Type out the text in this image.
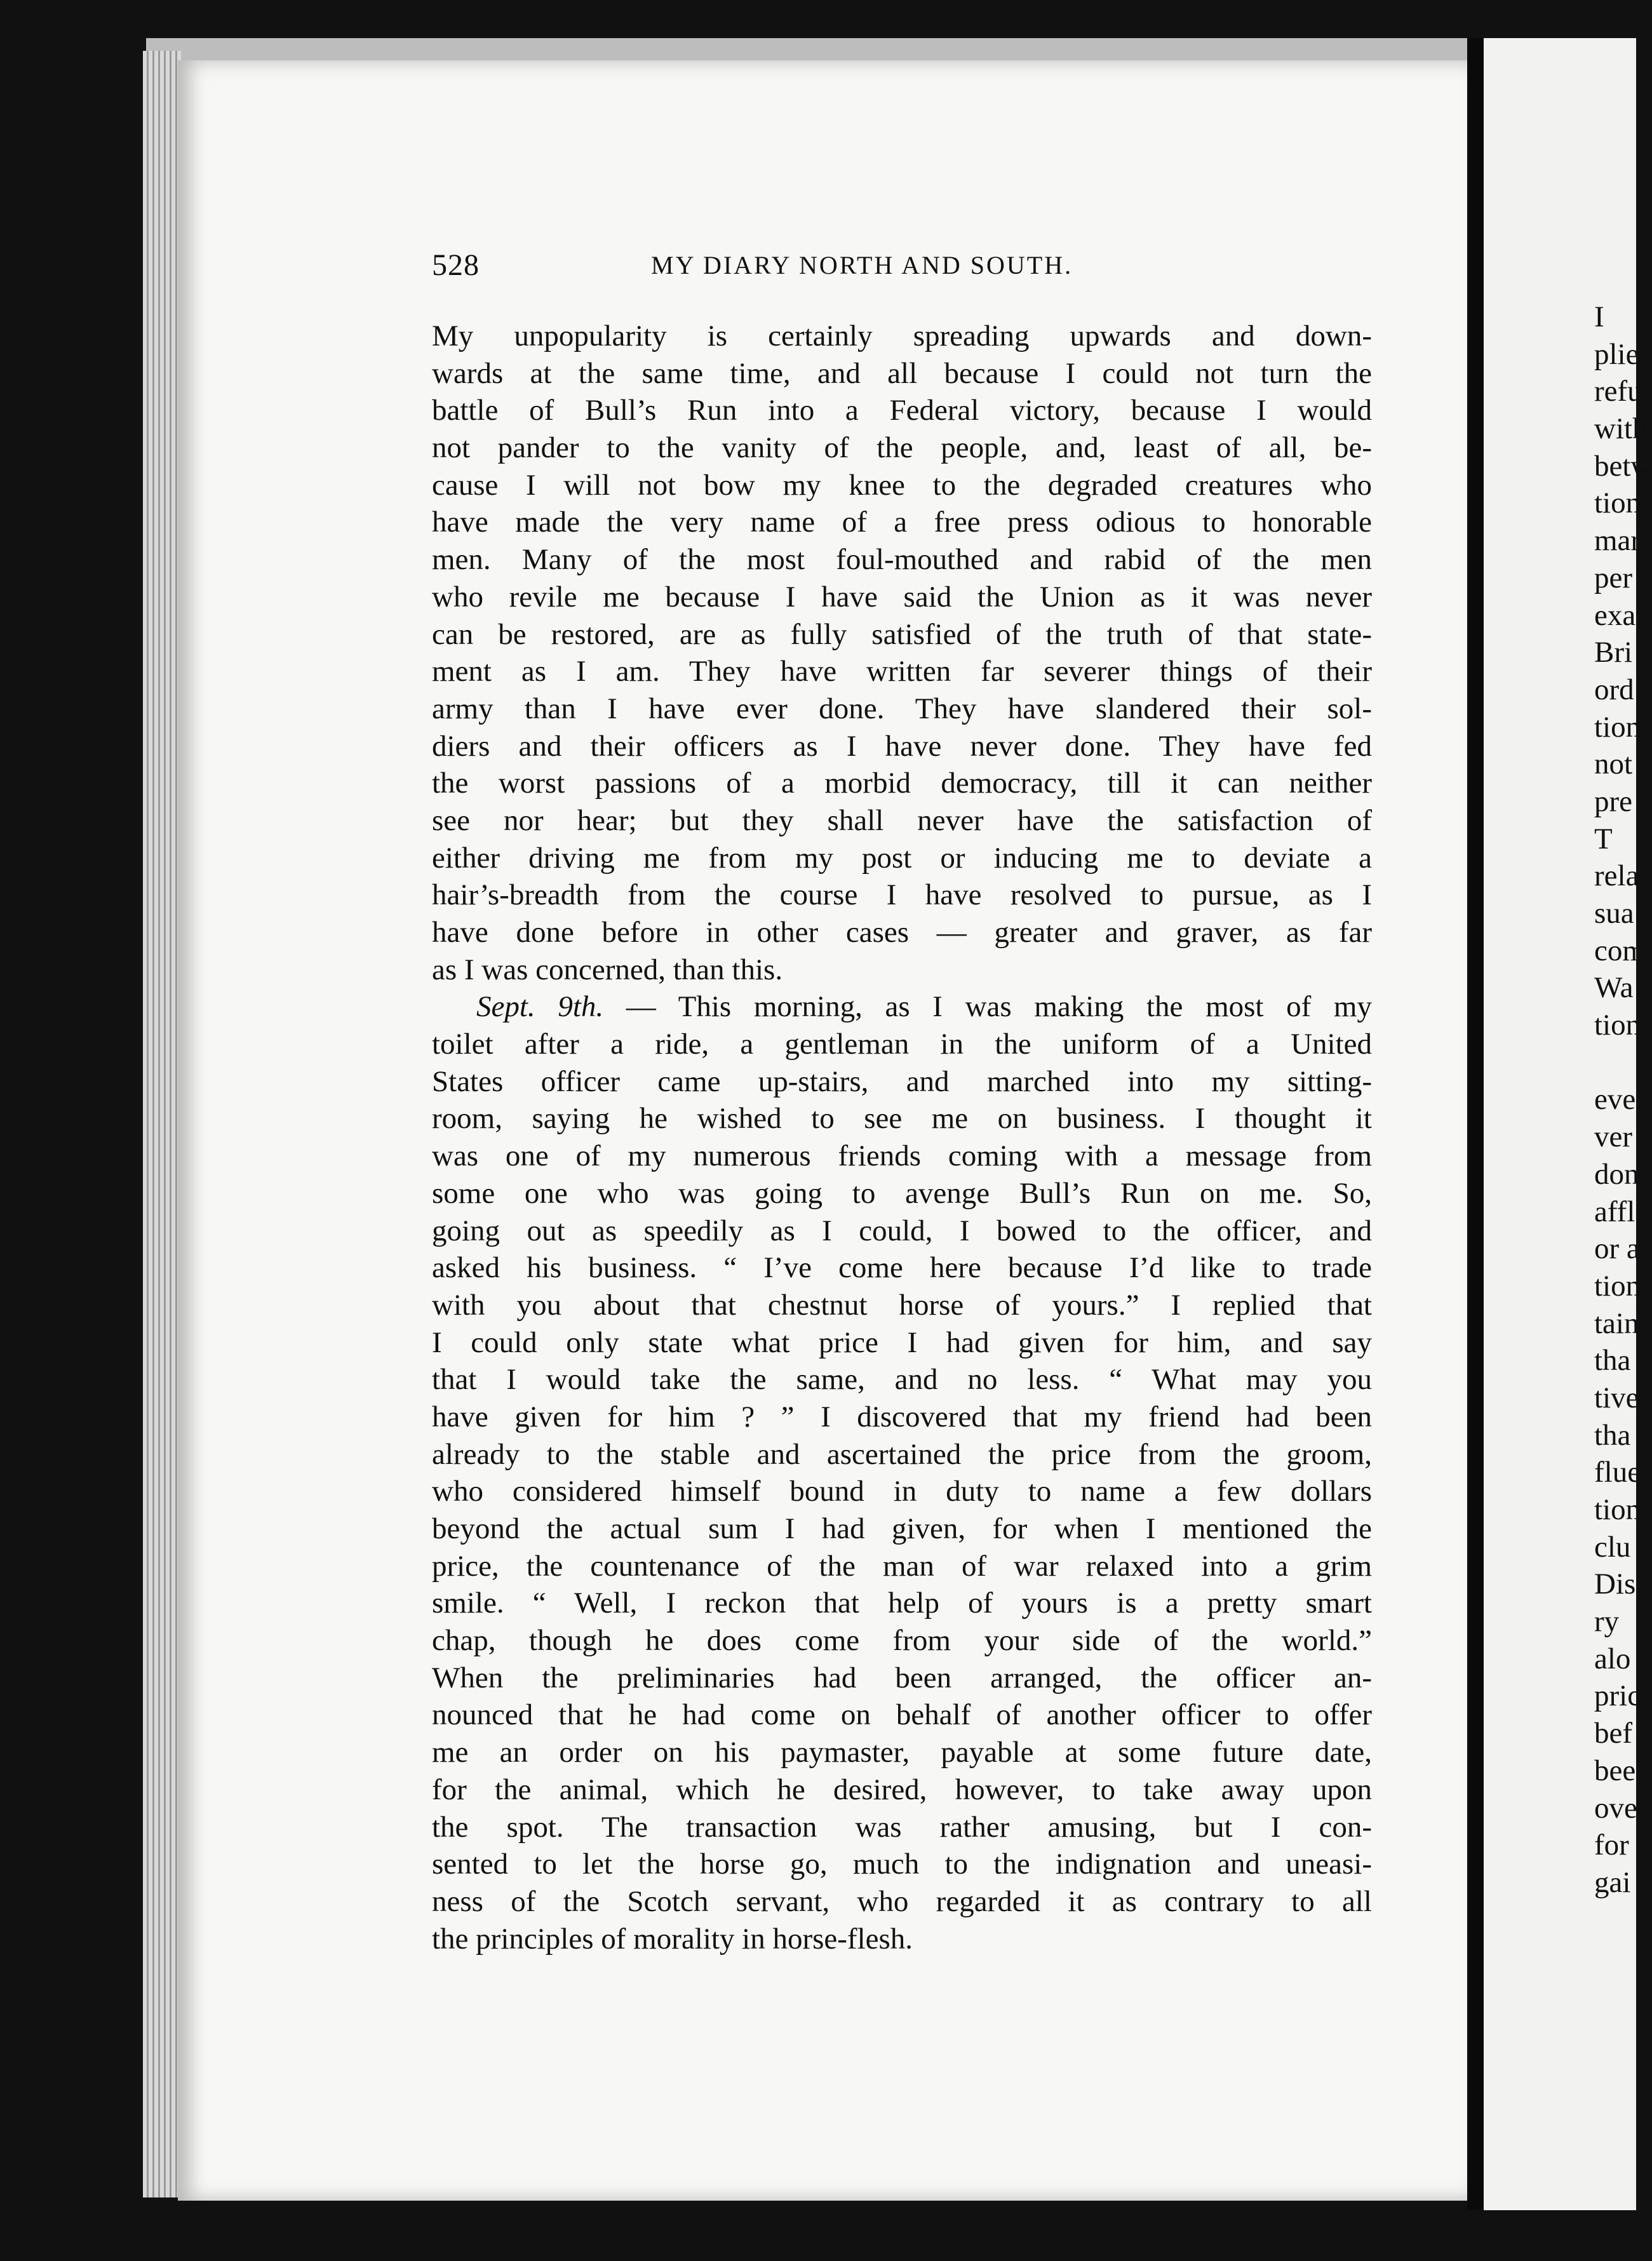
528	MY DIARY NORTH AND SOUTH.
My unpopularity is certainly spreading upwards and down-
wards at the same time, and all because I could not turn the
battle of Bull’s Run into a Federal victory, because I would
not pander to the vanity of the people, and, least of all, be-
cause I will not bow my knee to the degraded creatures who
have made the very name of a free press odious to honorable
men. Many of the most foul-mouthed and rabid of the men
who revile me because I have said the Union as it was never
can be restored, are as fully satisfied of the truth of that state-
ment as I am. They have written far severer things of their
army than I have ever done. They have slandered their sol-
diers and their officers as I have never done. They have fed
the worst passions of a morbid democracy, till it can neither
see nor hear; but they shall never have the satisfaction of
either driving me from my post or inducing me to deviate a
hair’s-breadth from the course I have resolved to pursue, as I
have done before in other cases — greater and graver, as far
as I was concerned, than this.
Sept. 9th. — This morning, as I was making the most of my
toilet after a ride, a gentleman in the uniform of a United
States officer came up-stairs, and marched into my sitting-
room, saying he wished to see me on business. I thought it
was one of my numerous friends coming with a message from
some one who was going to avenge Bull’s Run on me. So,
going out as speedily as I could, I bowed to the officer, and
asked his business. “ I’ve come here because I’d like to trade
with you about that chestnut horse of yours.” I replied that
I could only state what price I had given for him, and say
that I would take the same, and no less. “ What may you
have given for him ? ” I discovered that my friend had been
already to the stable and ascertained the price from the groom,
who considered himself bound in duty to name a few dollars
beyond the actual sum I had given, for when I mentioned the
price, the countenance of the man of war relaxed into a grim
smile. “ Well, I reckon that help of yours is a pretty smart
chap, though he does come from your side of the world.”
When the preliminaries had been arranged, the officer an-
nounced that he had come on behalf of another officer to offer
me an order on his paymaster, payable at some future date,
for the animal, which he desired, however, to take away upon
the spot. The transaction was rather amusing, but I con-
sented to let the horse go, much to the indignation and uneasi-
ness of the Scotch servant, who regarded it as contrary to all
the principles of morality in horse-flesh.
I
plie
refu
with
betw
tion
mar
per
exa
Bri
ord
tion
not
pre
T
rela
sua
com
Wa
tion
eve
ver
don
affl
or a
tion
tain
tha
tive
tha
flue
tion
clu
Dis
ry
alo
pric
bef
bee
ove
for
gai
